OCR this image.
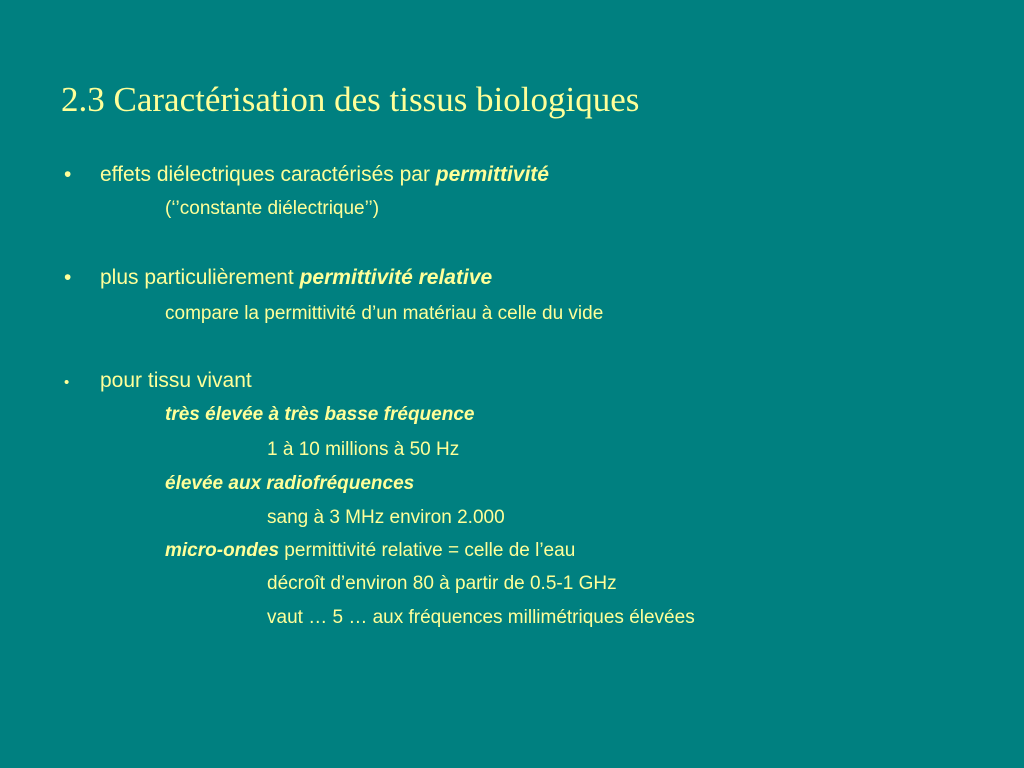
2.3 Caractérisation des tissus biologiques
• effets diélectriques caractérisés par permittivité
(‘’constante diélectrique’’)
• plus particulièrement permittivité relative
compare la permittivité d’un matériau à celle du vide
• pour tissu vivant
très élevée à très basse fréquence
1 à 10 millions à 50 Hz
élevée aux radiofréquences
sang à 3 MHz environ 2.000
micro-ondes permittivité relative = celle de l’eau
décroît d’environ 80 à partir de 0.5-1 GHz
vaut … 5 … aux fréquences millimétriques élevées
